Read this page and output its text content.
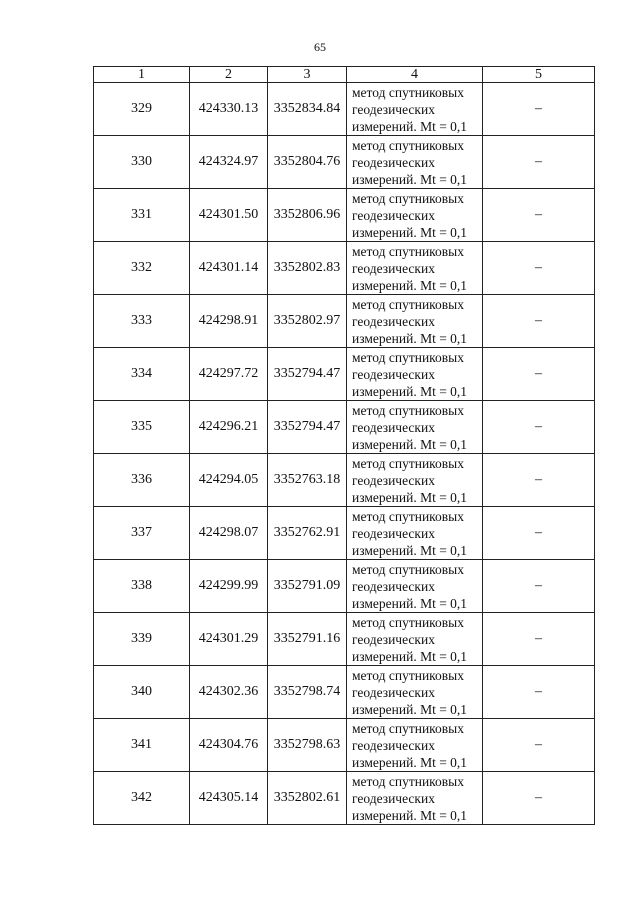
65
1	2	3	4	5
329	424330.13	3352834.84	метод спутниковых
геодезических
измерений. Mt = 0,1	–
330	424324.97	3352804.76	метод спутниковых
геодезических
измерений. Mt = 0,1	–
331	424301.50	3352806.96	метод спутниковых
геодезических
измерений. Mt = 0,1	–
332	424301.14	3352802.83	метод спутниковых
геодезических
измерений. Mt = 0,1	–
333	424298.91	3352802.97	метод спутниковых
геодезических
измерений. Mt = 0,1	–
334	424297.72	3352794.47	метод спутниковых
геодезических
измерений. Mt = 0,1	–
335	424296.21	3352794.47	метод спутниковых
геодезических
измерений. Mt = 0,1	–
336	424294.05	3352763.18	метод спутниковых
геодезических
измерений. Mt = 0,1	–
337	424298.07	3352762.91	метод спутниковых
геодезических
измерений. Mt = 0,1	–
338	424299.99	3352791.09	метод спутниковых
геодезических
измерений. Mt = 0,1	–
339	424301.29	3352791.16	метод спутниковых
геодезических
измерений. Mt = 0,1	–
340	424302.36	3352798.74	метод спутниковых
геодезических
измерений. Mt = 0,1	–
341	424304.76	3352798.63	метод спутниковых
геодезических
измерений. Mt = 0,1	–
342	424305.14	3352802.61	метод спутниковых
геодезических
измерений. Mt = 0,1	–
